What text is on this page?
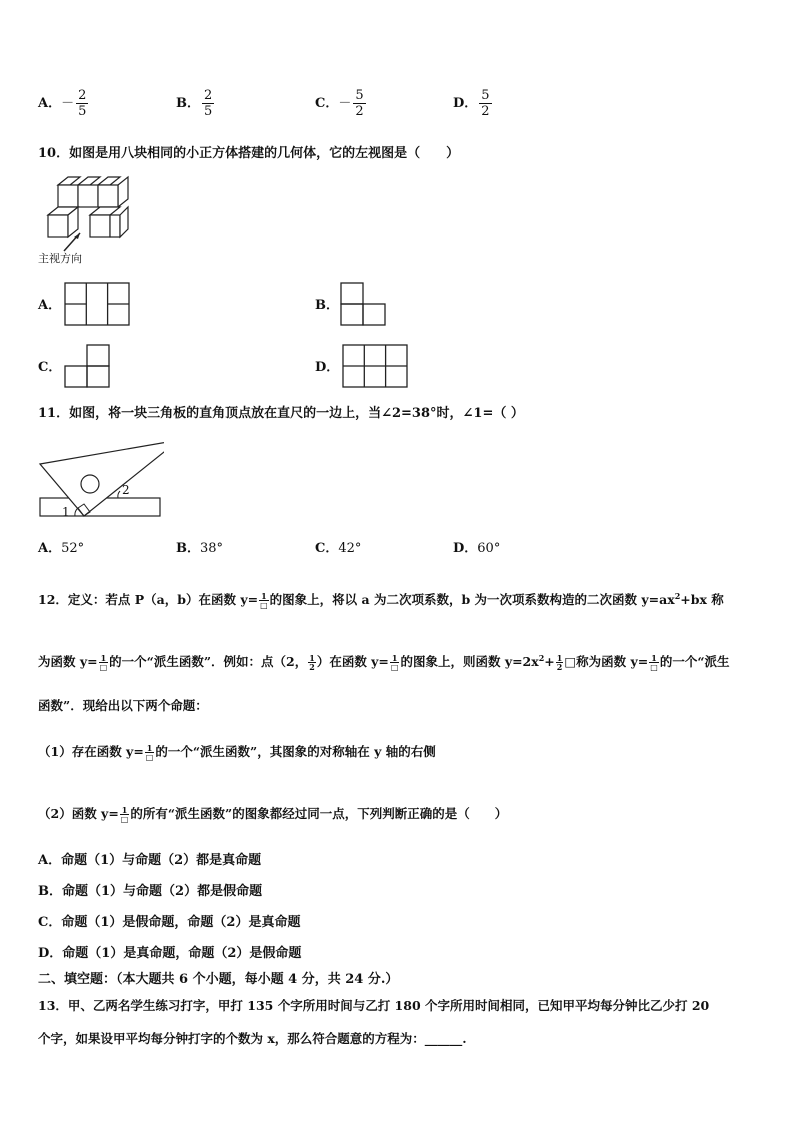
A．－ $\frac{2}{5}$	B． $\frac{2}{5}$	C．－ $\frac{5}{2}$	D． $\frac{5}{2}$
10．如图是用八块相同的小正方体搭建的几何体，它的左视图是（　　）
主视方向
A．	B．
C．	D．
11．如图，将一块三角板的直角顶点放在直尺的一边上，当∠2=38°时，∠1=（ ）
1
2
A．52°	B．38°	C．42°	D．60°
12．定义：若点 P（a，b）在函数 $y= \frac{1}{□}$ 的图象上，将以 a 为二次项系数，b 为一次项系数构造的二次函数 $y=ax^2+bx$ 称
为函数 $y= \frac{1}{□}$ 的一个“派生函数”．例如：点（2， $\frac{1}{2}$ ）在函数 $y= \frac{1}{□}$ 的图象上，则函数 $y=2x^2+ \frac{1}{2}$ □称为函数 $y= \frac{1}{□}$ 的一个“派生
函数”．现给出以下两个命题：
（1）存在函数 $y= \frac{1}{□}$ 的一个“派生函数”，其图象的对称轴在 y 轴的右侧
（2）函数 $y= \frac{1}{□}$ 的所有“派生函数”的图象都经过同一点，下列判断正确的是（　　）
A．命题（1）与命题（2）都是真命题
B．命题（1）与命题（2）都是假命题
C．命题（1）是假命题，命题（2）是真命题
D．命题（1）是真命题，命题（2）是假命题
二、填空题：（本大题共 6 个小题，每小题 4 分，共 24 分.）
13．甲、乙两名学生练习打字，甲打 135 个字所用时间与乙打 180 个字所用时间相同，已知甲平均每分钟比乙少打 20
个字，如果设甲平均每分钟打字的个数为 x，那么符合题意的方程为：______.
